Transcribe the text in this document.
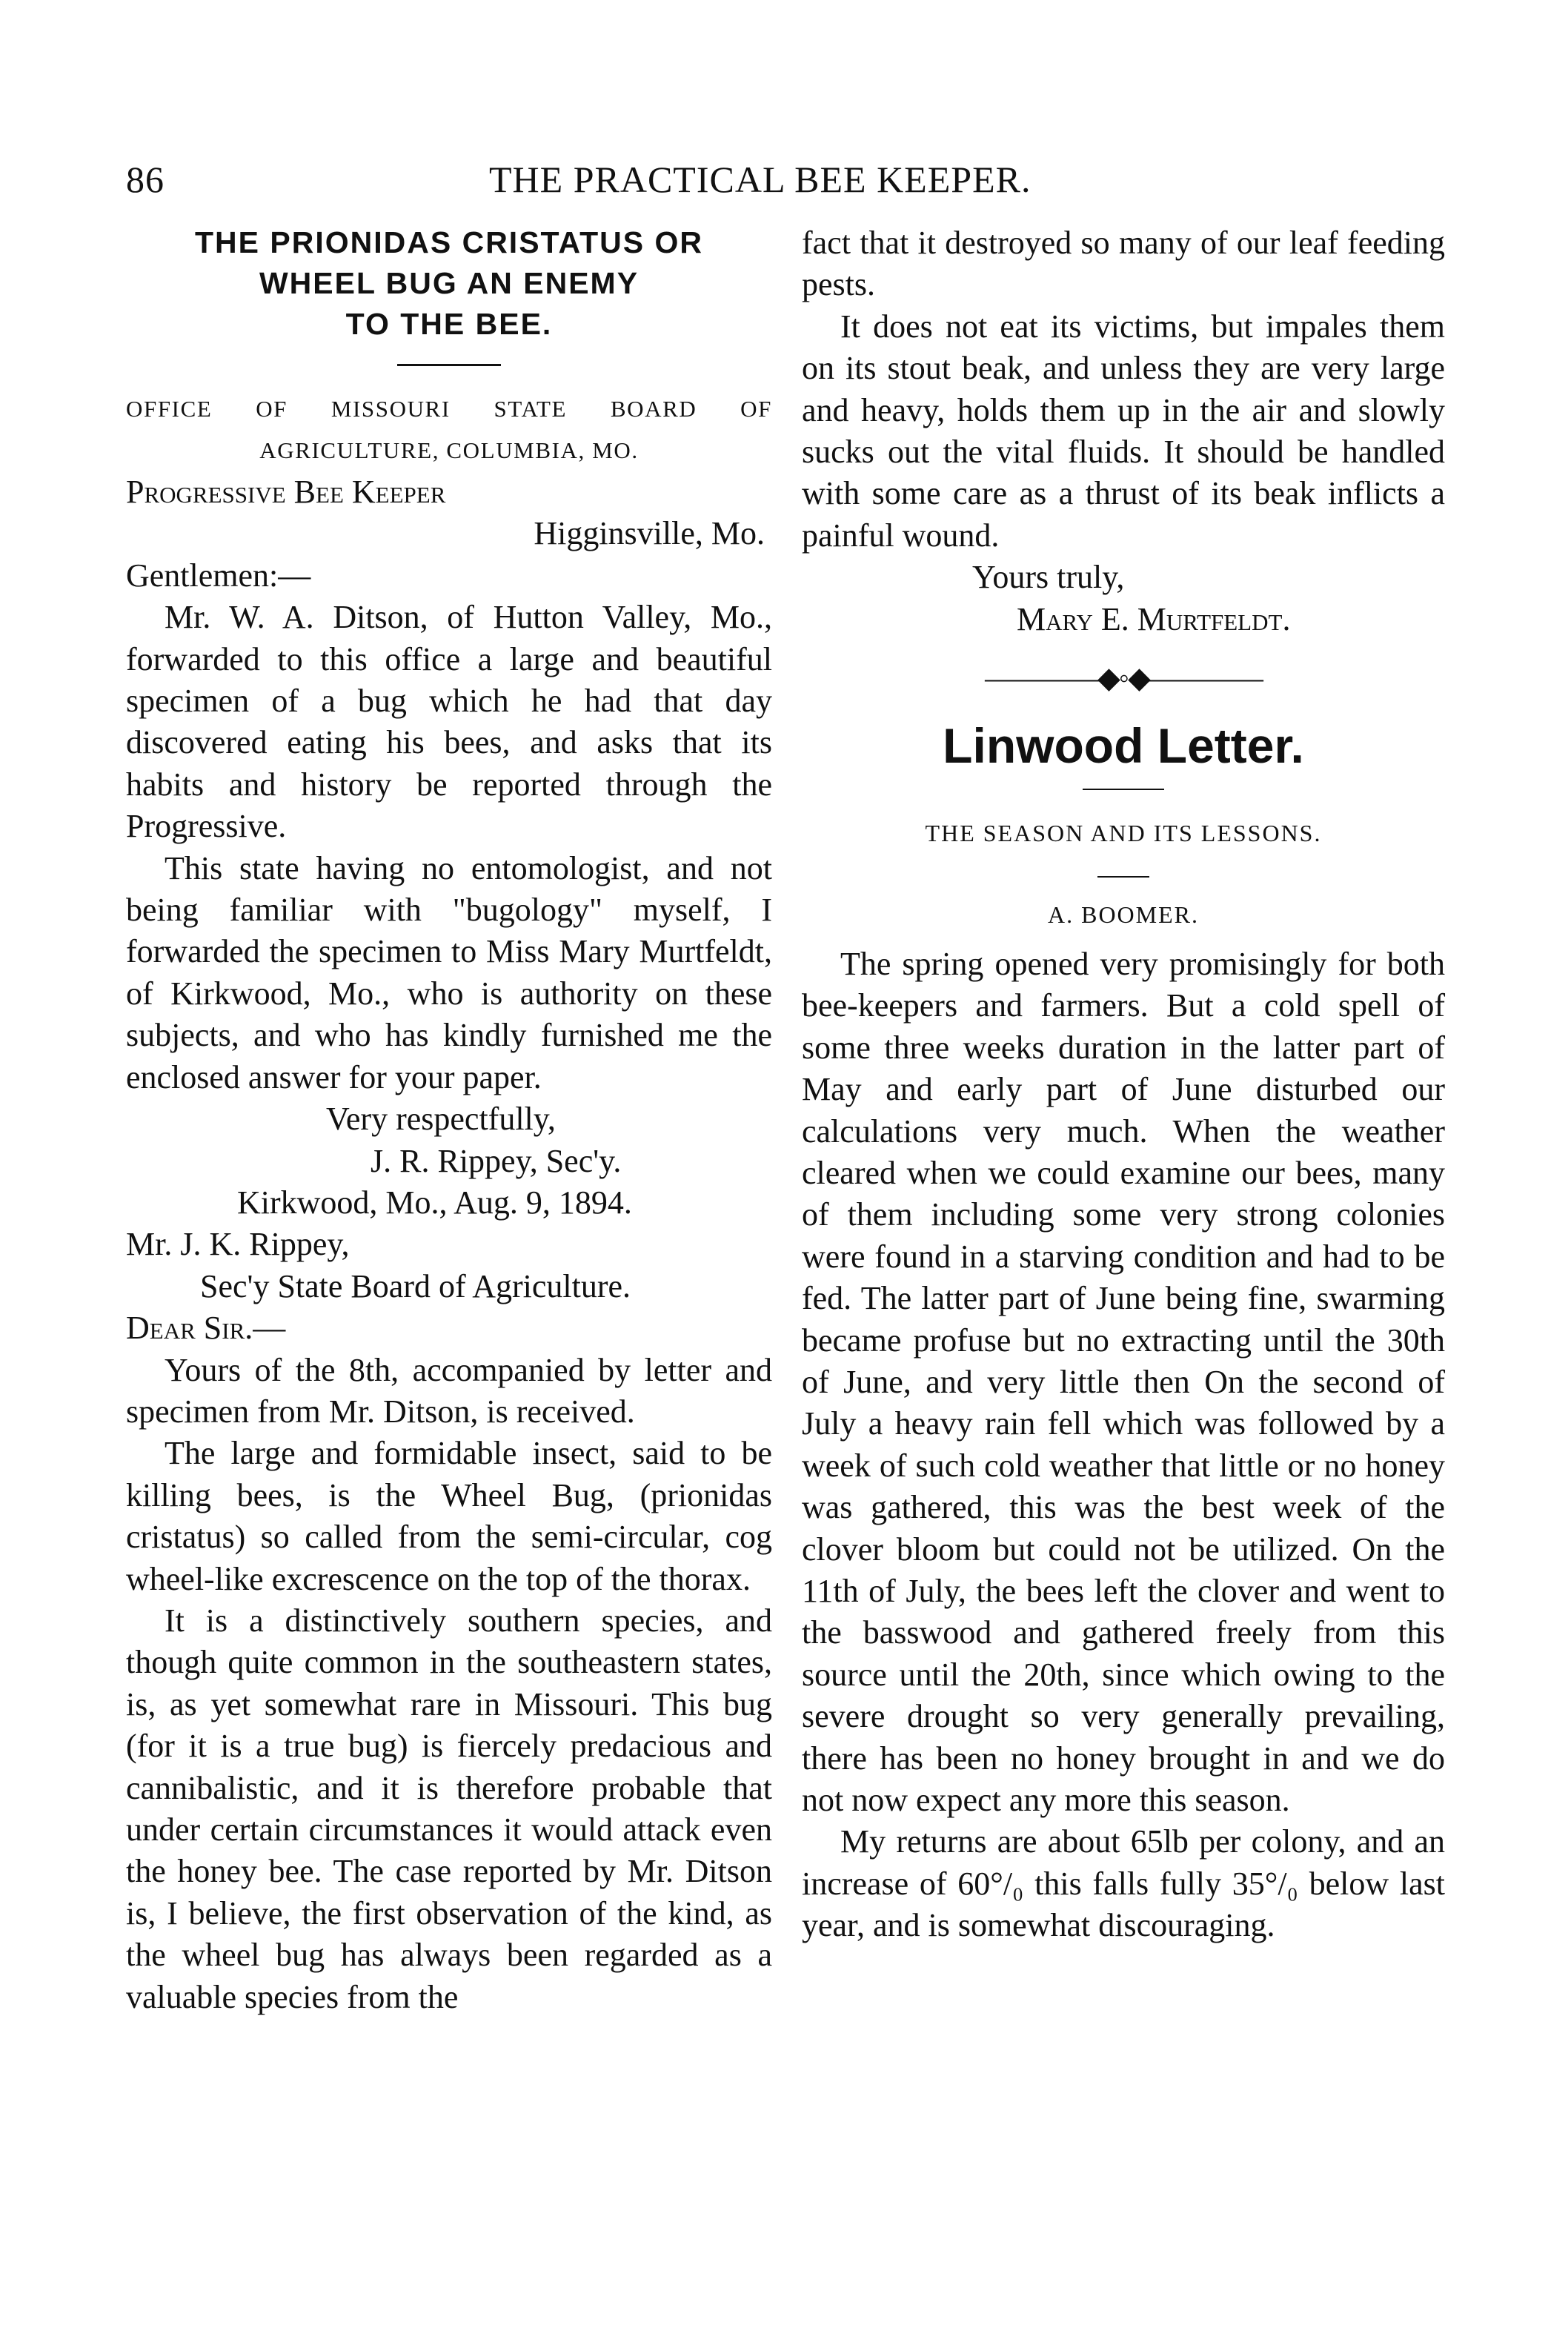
86	THE PRACTICAL BEE KEEPER.
THE PRIONIDAS CRISTATUS OR
WHEEL BUG AN ENEMY
TO THE BEE.

OFFICE OF MISSOURI STATE BOARD OF

AGRICULTURE, COLUMBIA, MO.

Progressive Bee Keeper

Higginsville, Mo.

Gentlemen:—

Mr. W. A. Ditson, of Hutton Valley, Mo., forwarded to this office a large and beautiful specimen of a bug which he had that day discovered eating his bees, and asks that its habits and history be reported through the Progressive.

This state having no entomologist, and not being familiar with "bugology" myself, I forwarded the specimen to Miss Mary Murtfeldt, of Kirkwood, Mo., who is authority on these subjects, and who has kindly furnished me the enclosed answer for your paper.

Very respectfully,

J. R. Rippey, Sec'y.

Kirkwood, Mo., Aug. 9, 1894.

Mr. J. K. Rippey,

Sec'y State Board of Agriculture.

Dear Sir.—

Yours of the 8th, accompanied by letter and specimen from Mr. Ditson, is received.

The large and formidable insect, said to be killing bees, is the Wheel Bug, (prionidas cristatus) so called from the semi-circular, cog wheel-like excrescence on the top of the thorax.

It is a distinctively southern species, and though quite common in the southeastern states, is, as yet somewhat rare in Missouri. This bug (for it is a true bug) is fiercely predacious and cannibalistic, and it is therefore probable that under certain circumstances it would attack even the honey bee. The case reported by Mr. Ditson is, I believe, the first observation of the kind, as the wheel bug has always been regarded as a valuable species from the

fact that it destroyed so many of our leaf feeding pests.

It does not eat its victims, but impales them on its stout beak, and unless they are very large and heavy, holds them up in the air and slowly sucks out the vital fluids. It should be handled with some care as a thrust of its beak inflicts a painful wound.

Yours truly,

Mary E. Murtfeldt.

————◆◦◆————
Linwood Letter.
THE SEASON AND ITS LESSONS.
A. BOOMER.

The spring opened very promisingly for both bee-keepers and farmers. But a cold spell of some three weeks duration in the latter part of May and early part of June disturbed our calculations very much. When the weather cleared when we could examine our bees, many of them including some very strong colonies were found in a starving condition and had to be fed. The latter part of June being fine, swarming became profuse but no extracting until the 30th of June, and very little then On the second of July a heavy rain fell which was followed by a week of such cold weather that little or no honey was gathered, this was the best week of the clover bloom but could not be utilized. On the 11th of July, the bees left the clover and went to the basswood and gathered freely from this source until the 20th, since which owing to the severe drought so very generally prevailing, there has been no honey brought in and we do not now expect any more this season.

My returns are about 65lb per colony, and an increase of 60°/₀ this falls fully 35°/₀ below last year, and is somewhat discouraging.
